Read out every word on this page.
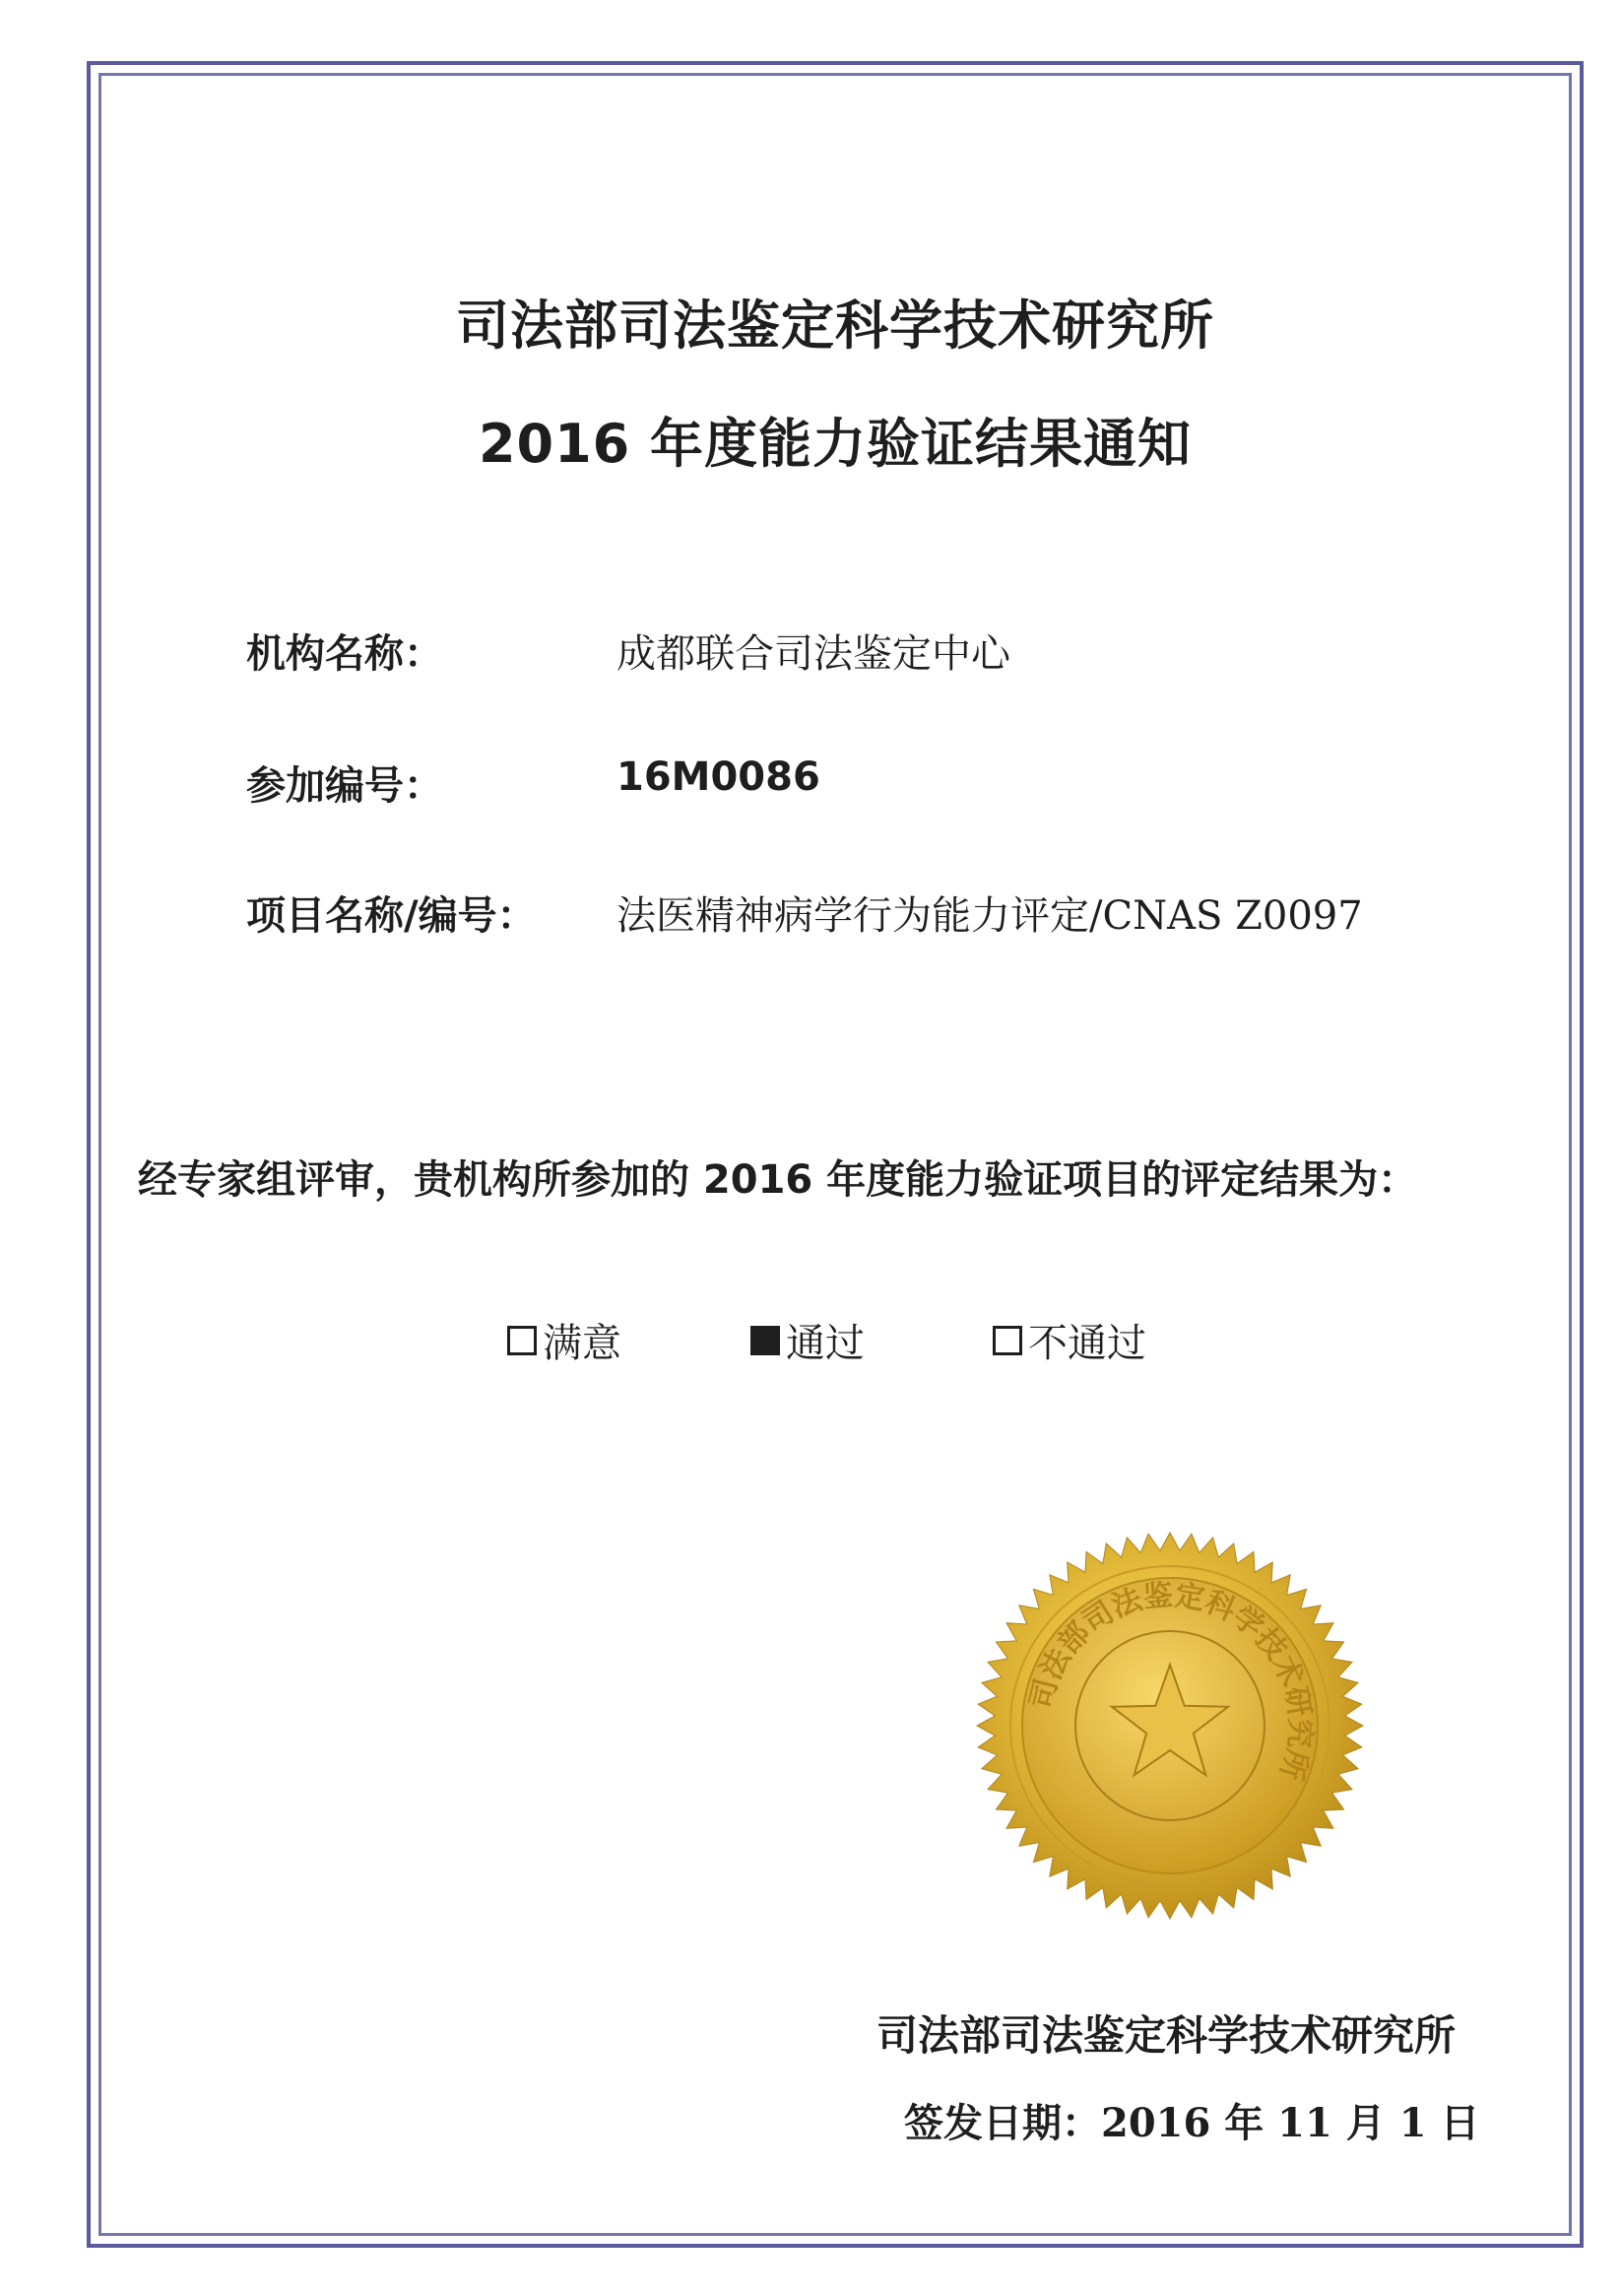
司法部司法鉴定科学技术研究所
2016 年度能力验证结果通知
机构名称：	成都联合司法鉴定中心
参加编号：	16M0086
项目名称/编号： 法医精神病学行为能力评定/CNAS Z0097
经专家组评审，贵机构所参加的 2016 年度能力验证项目的评定结果为：
满意	通过	不通过
司法部司法鉴定科学技术研究所
司法部司法鉴定科学技术研究所
签发日期：2016 年 11 月 1 日
